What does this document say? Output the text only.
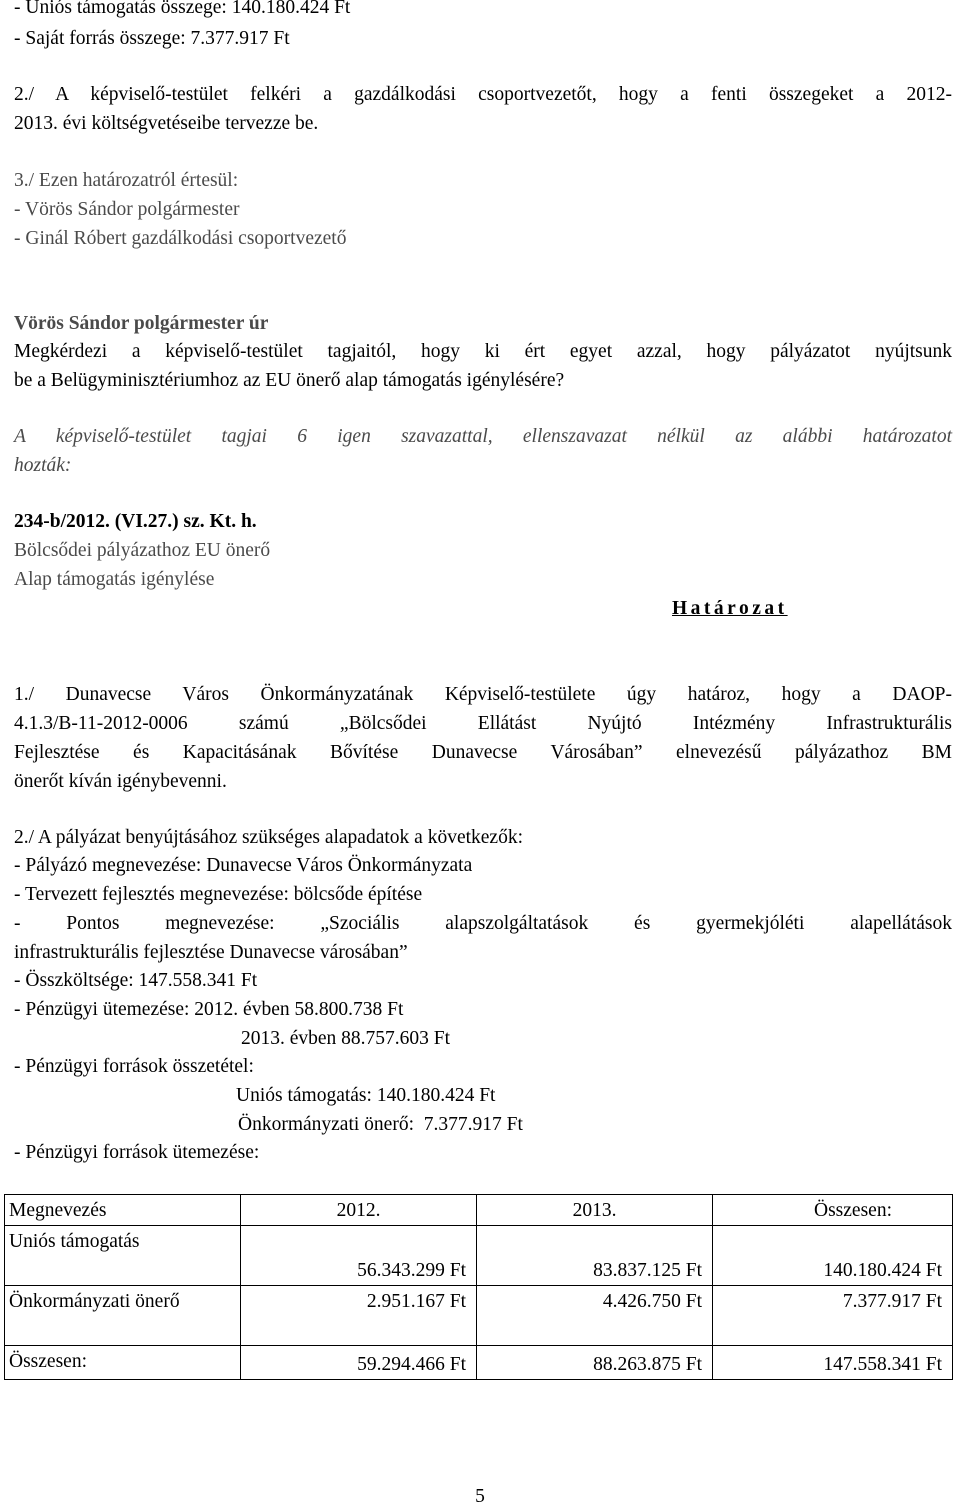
- Uniós támogatás összege: 140.180.424 Ft
- Saját forrás összege: 7.377.917 Ft
2./ A képviselő-testület felkéri a gazdálkodási csoportvezetőt, hogy a fenti összegeket a 2012-
2013. évi költségvetéseibe tervezze be.
3./ Ezen határozatról értesül:
- Vörös Sándor polgármester
- Ginál Róbert gazdálkodási csoportvezető
Vörös Sándor polgármester úr
Megkérdezi a képviselő-testület tagjaitól, hogy ki ért egyet azzal, hogy pályázatot nyújtsunk
be a Belügyminisztériumhoz az EU önerő alap támogatás igénylésére?
A képviselő-testület tagjai 6 igen szavazattal, ellenszavazat nélkül az alábbi határozatot
hozták:
234-b/2012. (VI.27.) sz. Kt. h.
Bölcsődei pályázathoz EU önerő
Alap támogatás igénylése
Határozat
1./ Dunavecse Város Önkormányzatának Képviselő-testülete úgy határoz, hogy a DAOP-
4.1.3/B-11-2012-0006 számú „Bölcsődei Ellátást Nyújtó Intézmény Infrastrukturális
Fejlesztése és Kapacitásának Bővítése Dunavecse Városában” elnevezésű pályázathoz BM
önerőt kíván igénybevenni.
2./ A pályázat benyújtásához szükséges alapadatok a következők:
- Pályázó megnevezése: Dunavecse Város Önkormányzata
- Tervezett fejlesztés megnevezése: bölcsőde építése
- Pontos megnevezése: „Szociális alapszolgáltatások és gyermekjóléti alapellátások
infrastrukturális fejlesztése Dunavecse városában”
- Összköltsége: 147.558.341 Ft
- Pénzügyi ütemezése: 2012. évben 58.800.738 Ft
2013. évben 88.757.603 Ft
- Pénzügyi források összetétel:
Uniós támogatás: 140.180.424 Ft
Önkormányzati önerő:  7.377.917 Ft
- Pénzügyi források ütemezése:
Megnevezés	2012.	2013.	Összesen:
Uniós támogatás	56.343.299 Ft	83.837.125 Ft	140.180.424 Ft
Önkormányzati önerő	2.951.167 Ft	4.426.750 Ft	7.377.917 Ft
Összesen:	59.294.466 Ft	88.263.875 Ft	147.558.341 Ft
5
